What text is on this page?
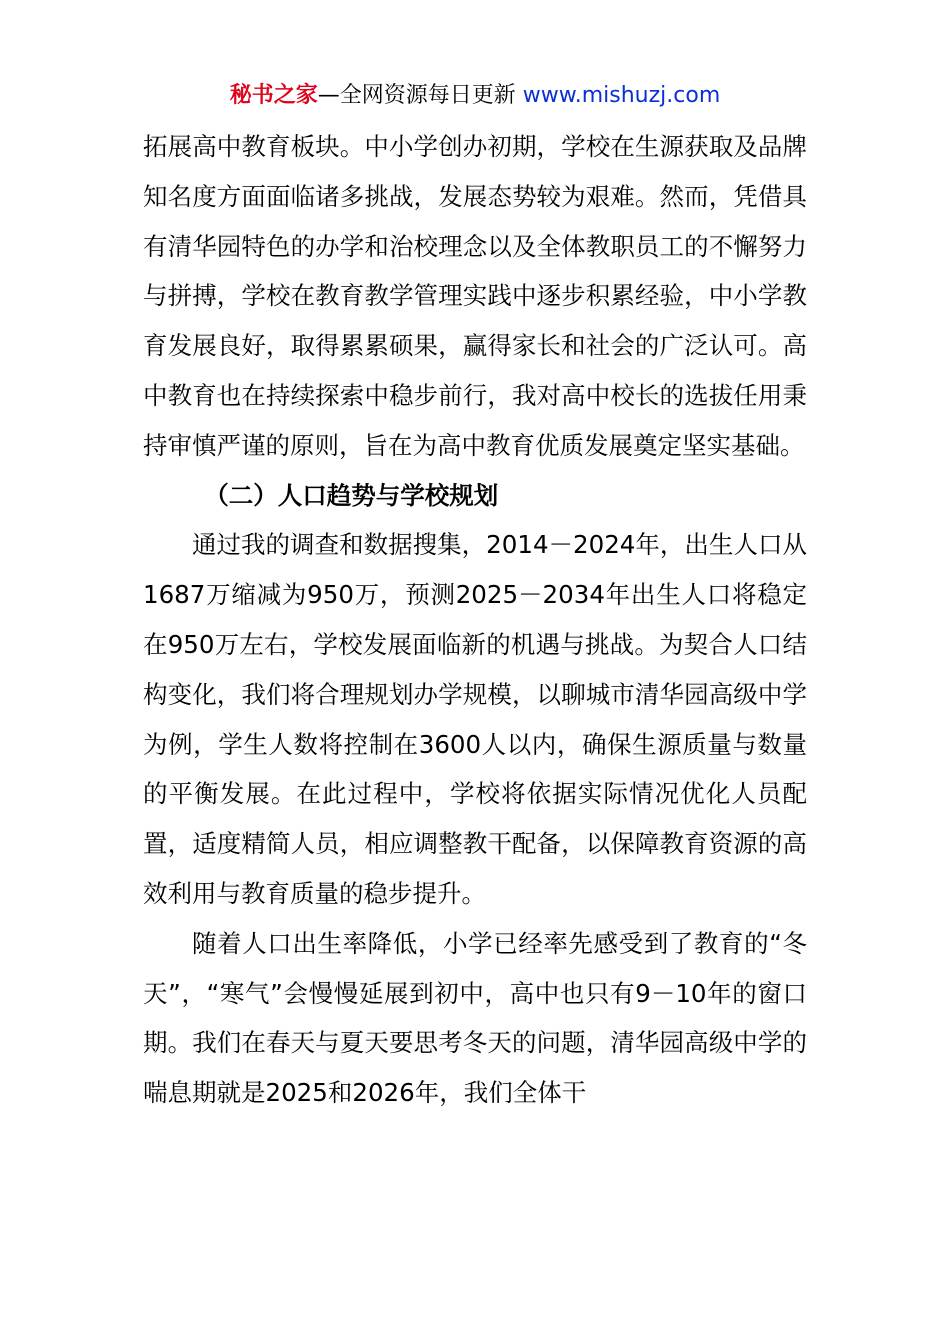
秘书之家—全网资源每日更新 www.mishuzj.com

拓展高中教育板块。中小学创办初期，学校在生源获取及品牌知名度方面面临诸多挑战，发展态势较为艰难。然而，凭借具有清华园特色的办学和治校理念以及全体教职员工的不懈努力与拼搏，学校在教育教学管理实践中逐步积累经验，中小学教育发展良好，取得累累硕果，赢得家长和社会的广泛认可。高中教育也在持续探索中稳步前行，我对高中校长的选拔任用秉持审慎严谨的原则，旨在为高中教育优质发展奠定坚实基础。

（二）人口趋势与学校规划

通过我的调查和数据搜集，2014－2024年，出生人口从1687万缩减为950万，预测2025－2034年出生人口将稳定在950万左右，学校发展面临新的机遇与挑战。为契合人口结构变化，我们将合理规划办学规模，以聊城市清华园高级中学为例，学生人数将控制在3600人以内，确保生源质量与数量的平衡发展。在此过程中，学校将依据实际情况优化人员配置，适度精简人员，相应调整教干配备，以保障教育资源的高效利用与教育质量的稳步提升。

随着人口出生率降低，小学已经率先感受到了教育的“冬天”，“寒气”会慢慢延展到初中，高中也只有9－10年的窗口期。我们在春天与夏天要思考冬天的问题，清华园高级中学的喘息期就是2025和2026年，我们全体干
